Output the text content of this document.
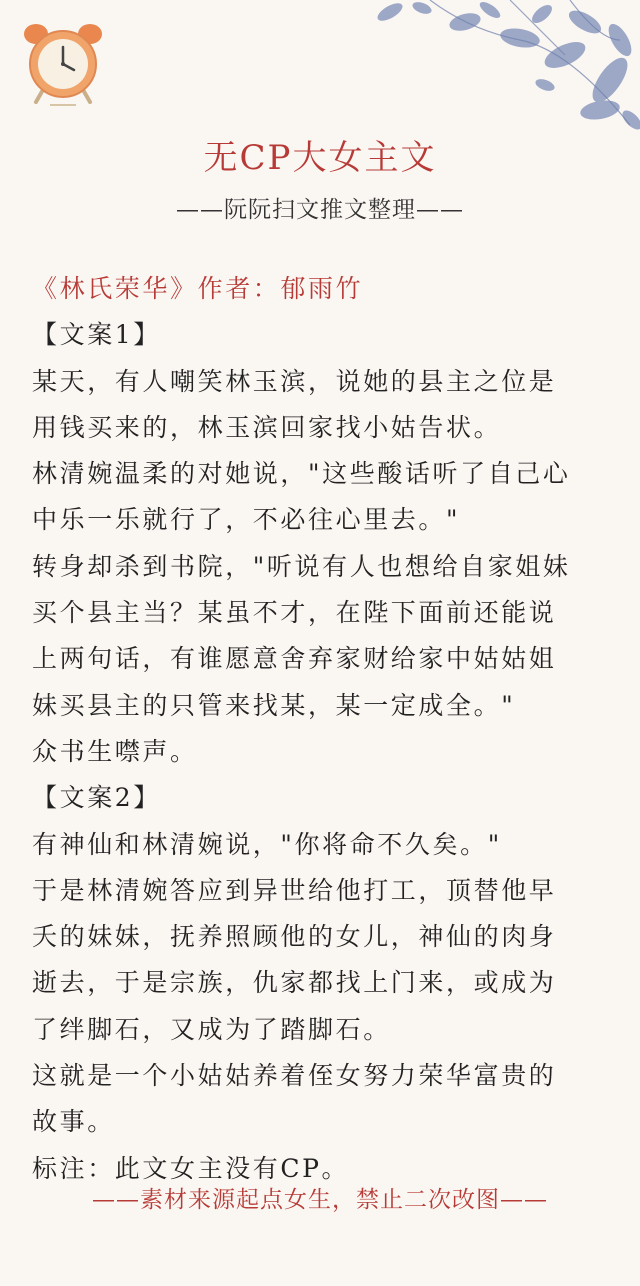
无CP大女主文
——阮阮扫文推文整理——
《林氏荣华》作者：郁雨竹
【文案1】
某天，有人嘲笑林玉滨，说她的县主之位是
用钱买来的，林玉滨回家找小姑告状。
林清婉温柔的对她说，"这些酸话听了自己心
中乐一乐就行了，不必往心里去。"
转身却杀到书院，"听说有人也想给自家姐妹
买个县主当？某虽不才，在陛下面前还能说
上两句话，有谁愿意舍弃家财给家中姑姑姐
妹买县主的只管来找某，某一定成全。"
众书生噤声。
【文案2】
有神仙和林清婉说，"你将命不久矣。"
于是林清婉答应到异世给他打工，顶替他早
夭的妹妹，抚养照顾他的女儿，神仙的肉身
逝去，于是宗族，仇家都找上门来，或成为
了绊脚石，又成为了踏脚石。
这就是一个小姑姑养着侄女努力荣华富贵的
故事。
标注：此文女主没有CP。
——素材来源起点女生，禁止二次改图——
